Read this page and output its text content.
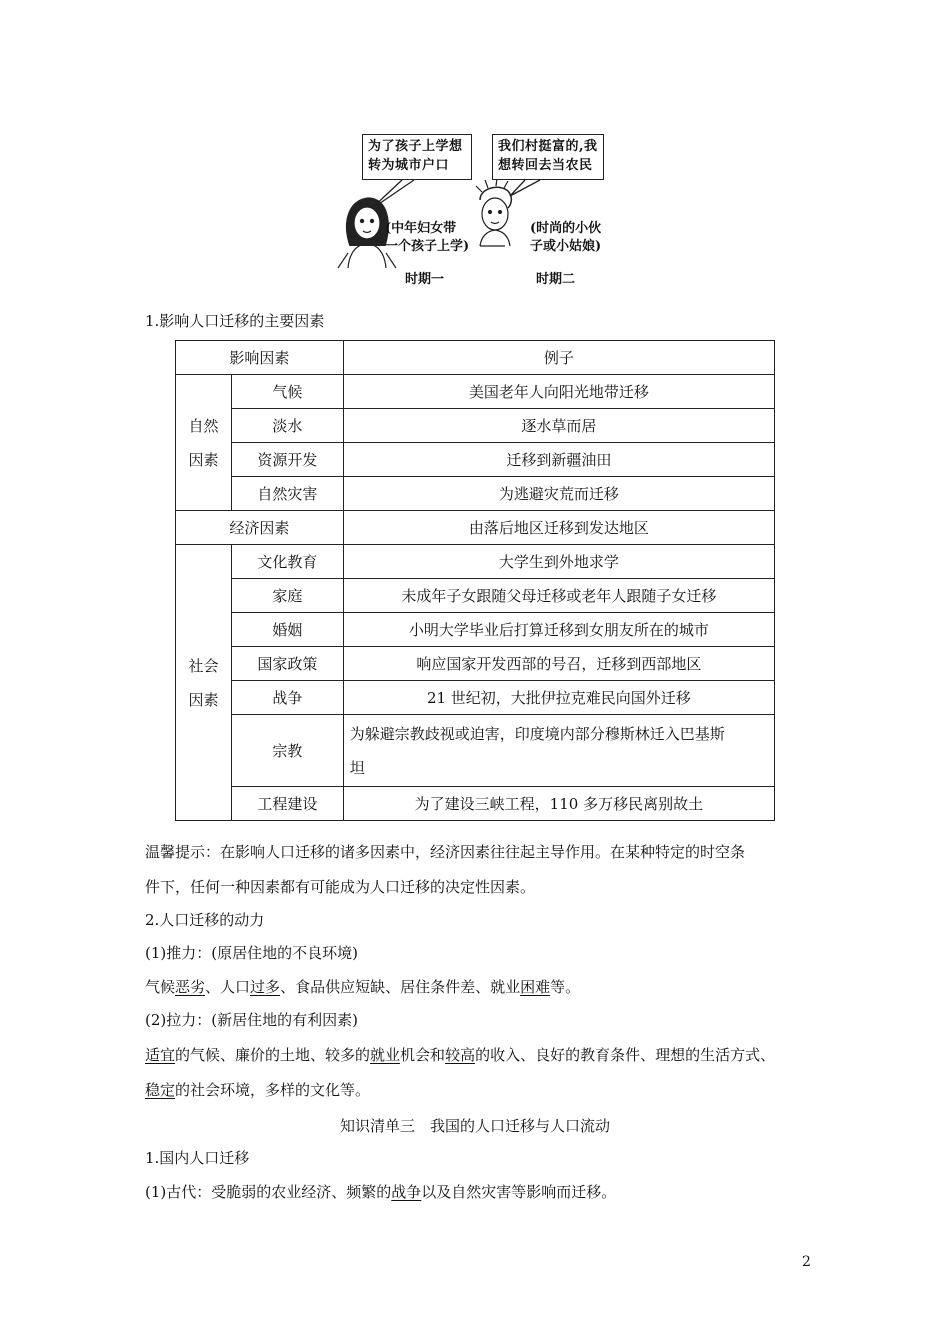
为了孩子上学想
转为城市户口
我们村挺富的,我
想转回去当农民
(中年妇女带
一个孩子上学)
(时尚的小伙
子或小姑娘)
时期一	时期二
1.影响人口迁移的主要因素
影响因素		例子

自然
因素	气候	美国老年人向阳光地带迁移
	淡水	逐水草而居
	资源开发	迁移到新疆油田
	自然灾害	为逃避灾荒而迁移
经济因素		由落后地区迁移到发达地区

社会
因素	文化教育	大学生到外地求学
	家庭	未成年子女跟随父母迁移或老年人跟随子女迁移
	婚姻	小明大学毕业后打算迁移到女朋友所在的城市
	国家政策	响应国家开发西部的号召，迁移到西部地区
	战争	21 世纪初，大批伊拉克难民向国外迁移
	宗教	为躲避宗教歧视或迫害，印度境内部分穆斯林迁入巴基斯
坦

	工程建设	为了建设三峡工程，110 多万移民离别故土
温馨提示：在影响人口迁移的诸多因素中，经济因素往往起主导作用。在某种特定的时空条
件下，任何一种因素都有可能成为人口迁移的决定性因素。
2.人口迁移的动力
(1)推力：(原居住地的不良环境)
气候恶劣、人口过多、食品供应短缺、居住条件差、就业困难等。
(2)拉力：(新居住地的有利因素)
适宜的气候、廉价的土地、较多的就业机会和较高的收入、良好的教育条件、理想的生活方式、
稳定的社会环境，多样的文化等。
知识清单三　我国的人口迁移与人口流动
1.国内人口迁移
(1)古代：受脆弱的农业经济、频繁的战争以及自然灾害等影响而迁移。
2
